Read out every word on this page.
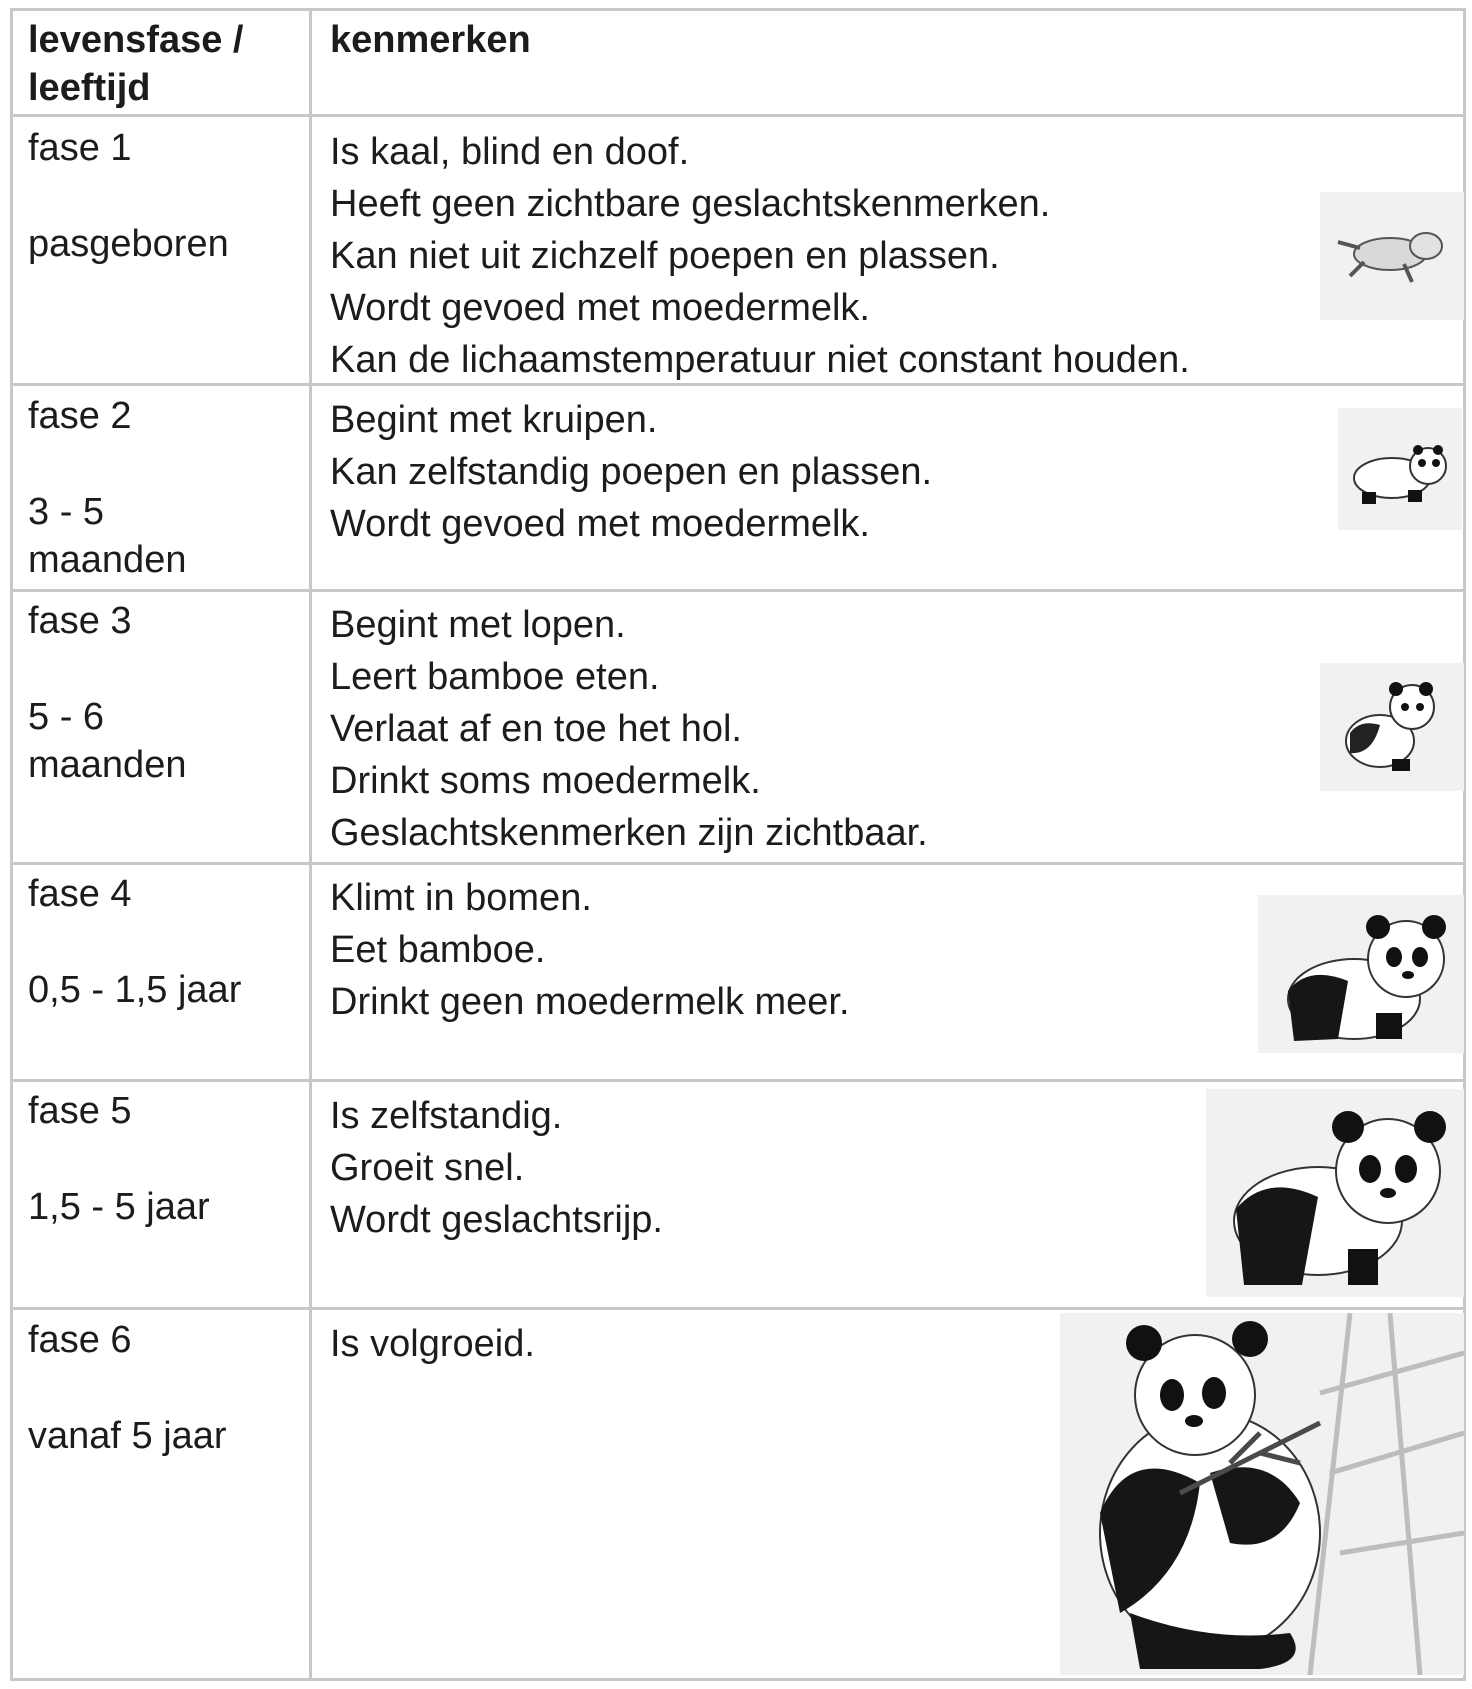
levensfase /
leeftijd
kenmerken
fase 1
pasgeboren
Is kaal, blind en doof.
Heeft geen zichtbare geslachtskenmerken.
Kan niet uit zichzelf poepen en plassen.
Wordt gevoed met moedermelk.
Kan de lichaamstemperatuur niet constant houden.
fase 2
3 - 5
maanden
Begint met kruipen.
Kan zelfstandig poepen en plassen.
Wordt gevoed met moedermelk.
fase 3
5 - 6
maanden
Begint met lopen.
Leert bamboe eten.
Verlaat af en toe het hol.
Drinkt soms moedermelk.
Geslachtskenmerken zijn zichtbaar.
fase 4
0,5 - 1,5 jaar
Klimt in bomen.
Eet bamboe.
Drinkt geen moedermelk meer.
fase 5
1,5 - 5 jaar
Is zelfstandig.
Groeit snel.
Wordt geslachtsrijp.
fase 6
vanaf 5 jaar
Is volgroeid.
